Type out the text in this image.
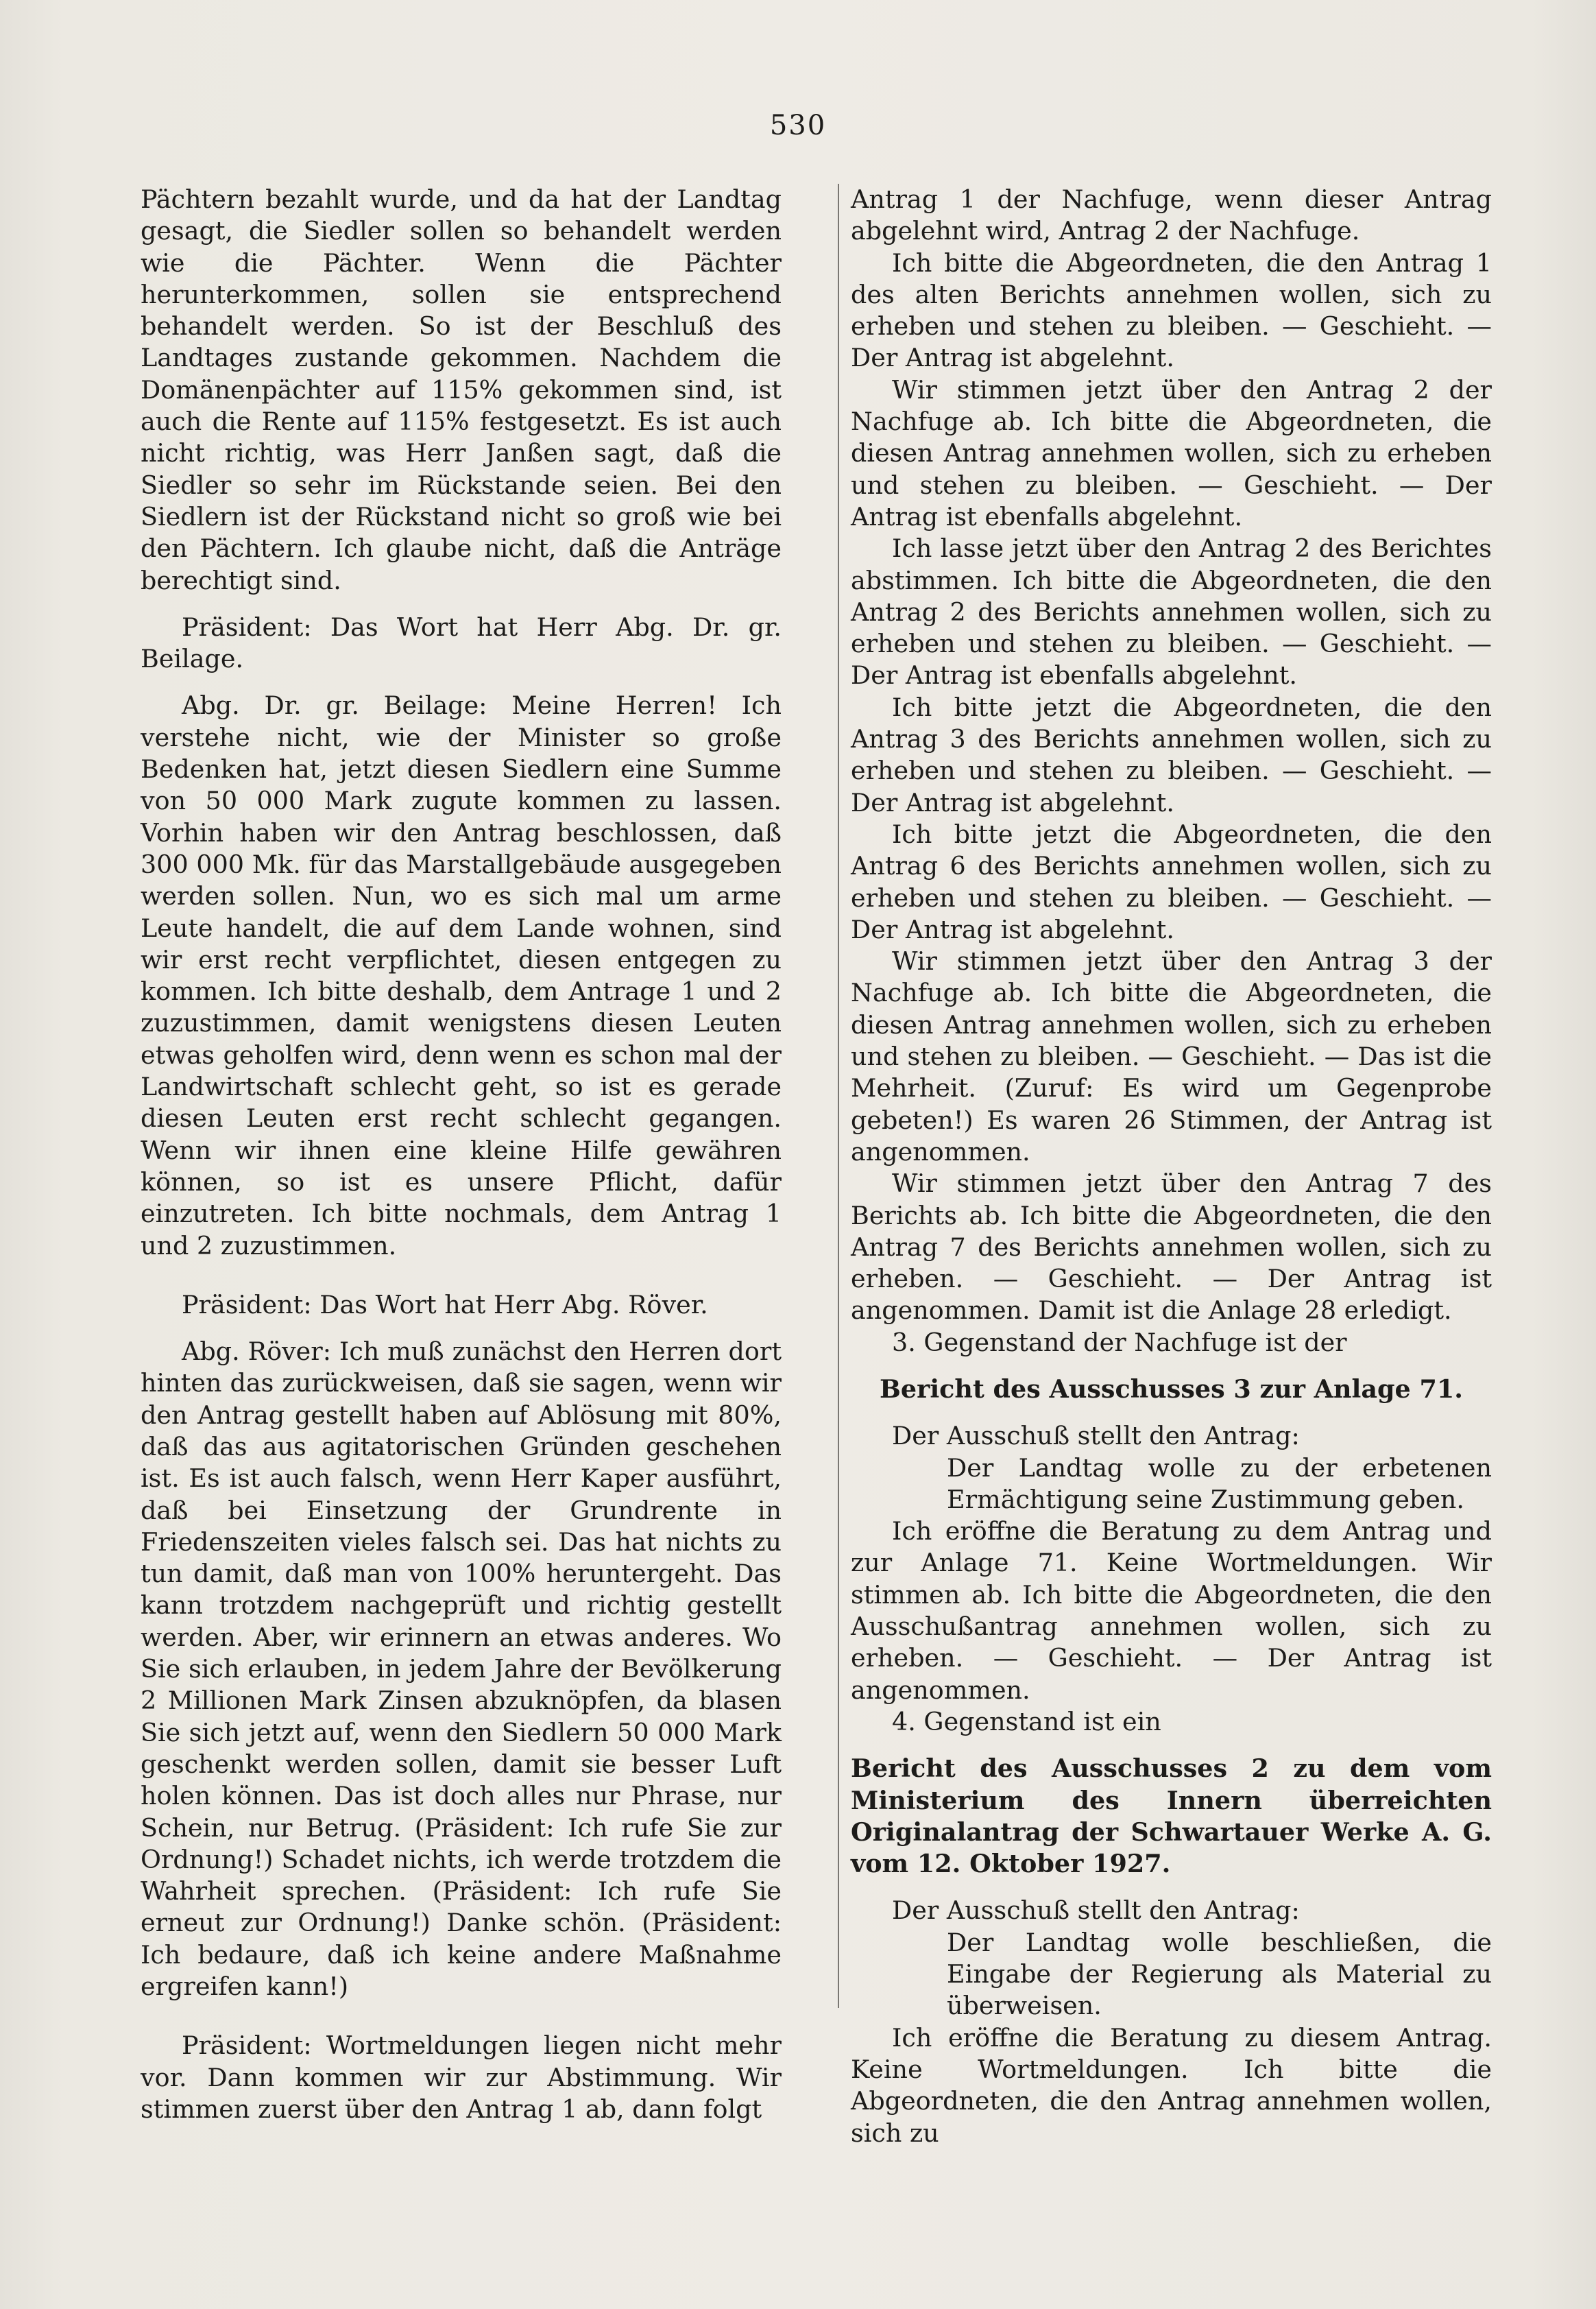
530

Pächtern bezahlt wurde, und da hat der Landtag gesagt, die Siedler sollen so behandelt werden wie die Pächter. Wenn die Pächter herunterkommen, sollen sie entsprechend behandelt werden. So ist der Beschluß des Landtages zustande gekommen. Nachdem die Domänenpächter auf 115% gekommen sind, ist auch die Rente auf 115% festgesetzt. Es ist auch nicht richtig, was Herr Janßen sagt, daß die Siedler so sehr im Rückstande seien. Bei den Siedlern ist der Rückstand nicht so groß wie bei den Pächtern. Ich glaube nicht, daß die Anträge berechtigt sind.

Präsident: Das Wort hat Herr Abg. Dr. gr. Beilage.

Abg. Dr. gr. Beilage: Meine Herren! Ich verstehe nicht, wie der Minister so große Bedenken hat, jetzt diesen Siedlern eine Summe von 50 000 Mark zugute kommen zu lassen. Vorhin haben wir den Antrag beschlossen, daß 300 000 Mk. für das Marstallgebäude ausgegeben werden sollen. Nun, wo es sich mal um arme Leute handelt, die auf dem Lande wohnen, sind wir erst recht verpflichtet, diesen entgegen zu kommen. Ich bitte deshalb, dem Antrage 1 und 2 zuzustimmen, damit wenigstens diesen Leuten etwas geholfen wird, denn wenn es schon mal der Landwirtschaft schlecht geht, so ist es gerade diesen Leuten erst recht schlecht gegangen. Wenn wir ihnen eine kleine Hilfe gewähren können, so ist es unsere Pflicht, dafür einzutreten. Ich bitte nochmals, dem Antrag 1 und 2 zuzustimmen.

Präsident: Das Wort hat Herr Abg. Röver.

Abg. Röver: Ich muß zunächst den Herren dort hinten das zurückweisen, daß sie sagen, wenn wir den Antrag gestellt haben auf Ablösung mit 80%, daß das aus agitatorischen Gründen geschehen ist. Es ist auch falsch, wenn Herr Kaper ausführt, daß bei Einsetzung der Grundrente in Friedenszeiten vieles falsch sei. Das hat nichts zu tun damit, daß man von 100% heruntergeht. Das kann trotzdem nachgeprüft und richtig gestellt werden. Aber, wir erinnern an etwas anderes. Wo Sie sich erlauben, in jedem Jahre der Bevölkerung 2 Millionen Mark Zinsen abzuknöpfen, da blasen Sie sich jetzt auf, wenn den Siedlern 50 000 Mark geschenkt werden sollen, damit sie besser Luft holen können. Das ist doch alles nur Phrase, nur Schein, nur Betrug. (Präsident: Ich rufe Sie zur Ordnung!) Schadet nichts, ich werde trotzdem die Wahrheit sprechen. (Präsident: Ich rufe Sie erneut zur Ordnung!) Danke schön. (Präsident: Ich bedaure, daß ich keine andere Maßnahme ergreifen kann!)

Präsident: Wortmeldungen liegen nicht mehr vor. Dann kommen wir zur Abstimmung. Wir stimmen zuerst über den Antrag 1 ab, dann folgt

Antrag 1 der Nachfuge, wenn dieser Antrag abgelehnt wird, Antrag 2 der Nachfuge.

Ich bitte die Abgeordneten, die den Antrag 1 des alten Berichts annehmen wollen, sich zu erheben und stehen zu bleiben. — Geschieht. — Der Antrag ist abgelehnt.

Wir stimmen jetzt über den Antrag 2 der Nachfuge ab. Ich bitte die Abgeordneten, die diesen Antrag annehmen wollen, sich zu erheben und stehen zu bleiben. — Geschieht. — Der Antrag ist ebenfalls abgelehnt.

Ich lasse jetzt über den Antrag 2 des Berichtes abstimmen. Ich bitte die Abgeordneten, die den Antrag 2 des Berichts annehmen wollen, sich zu erheben und stehen zu bleiben. — Geschieht. — Der Antrag ist ebenfalls abgelehnt.

Ich bitte jetzt die Abgeordneten, die den Antrag 3 des Berichts annehmen wollen, sich zu erheben und stehen zu bleiben. — Geschieht. — Der Antrag ist abgelehnt.

Ich bitte jetzt die Abgeordneten, die den Antrag 6 des Berichts annehmen wollen, sich zu erheben und stehen zu bleiben. — Geschieht. — Der Antrag ist abgelehnt.

Wir stimmen jetzt über den Antrag 3 der Nachfuge ab. Ich bitte die Abgeordneten, die diesen Antrag annehmen wollen, sich zu erheben und stehen zu bleiben. — Geschieht. — Das ist die Mehrheit. (Zuruf: Es wird um Gegenprobe gebeten!) Es waren 26 Stimmen, der Antrag ist angenommen.

Wir stimmen jetzt über den Antrag 7 des Berichts ab. Ich bitte die Abgeordneten, die den Antrag 7 des Berichts annehmen wollen, sich zu erheben. — Geschieht. — Der Antrag ist angenommen. Damit ist die Anlage 28 erledigt.

3. Gegenstand der Nachfuge ist der

Bericht des Ausschusses 3 zur Anlage 71.

Der Ausschuß stellt den Antrag:

Der Landtag wolle zu der erbetenen Ermächtigung seine Zustimmung geben.

Ich eröffne die Beratung zu dem Antrag und zur Anlage 71. Keine Wortmeldungen. Wir stimmen ab. Ich bitte die Abgeordneten, die den Ausschußantrag annehmen wollen, sich zu erheben. — Geschieht. — Der Antrag ist angenommen.

4. Gegenstand ist ein

Bericht des Ausschusses 2 zu dem vom Ministerium des Innern überreichten Originalantrag der Schwartauer Werke A. G. vom 12. Oktober 1927.

Der Ausschuß stellt den Antrag:

Der Landtag wolle beschließen, die Eingabe der Regierung als Material zu überweisen.

Ich eröffne die Beratung zu diesem Antrag. Keine Wortmeldungen. Ich bitte die Abgeordneten, die den Antrag annehmen wollen, sich zu
